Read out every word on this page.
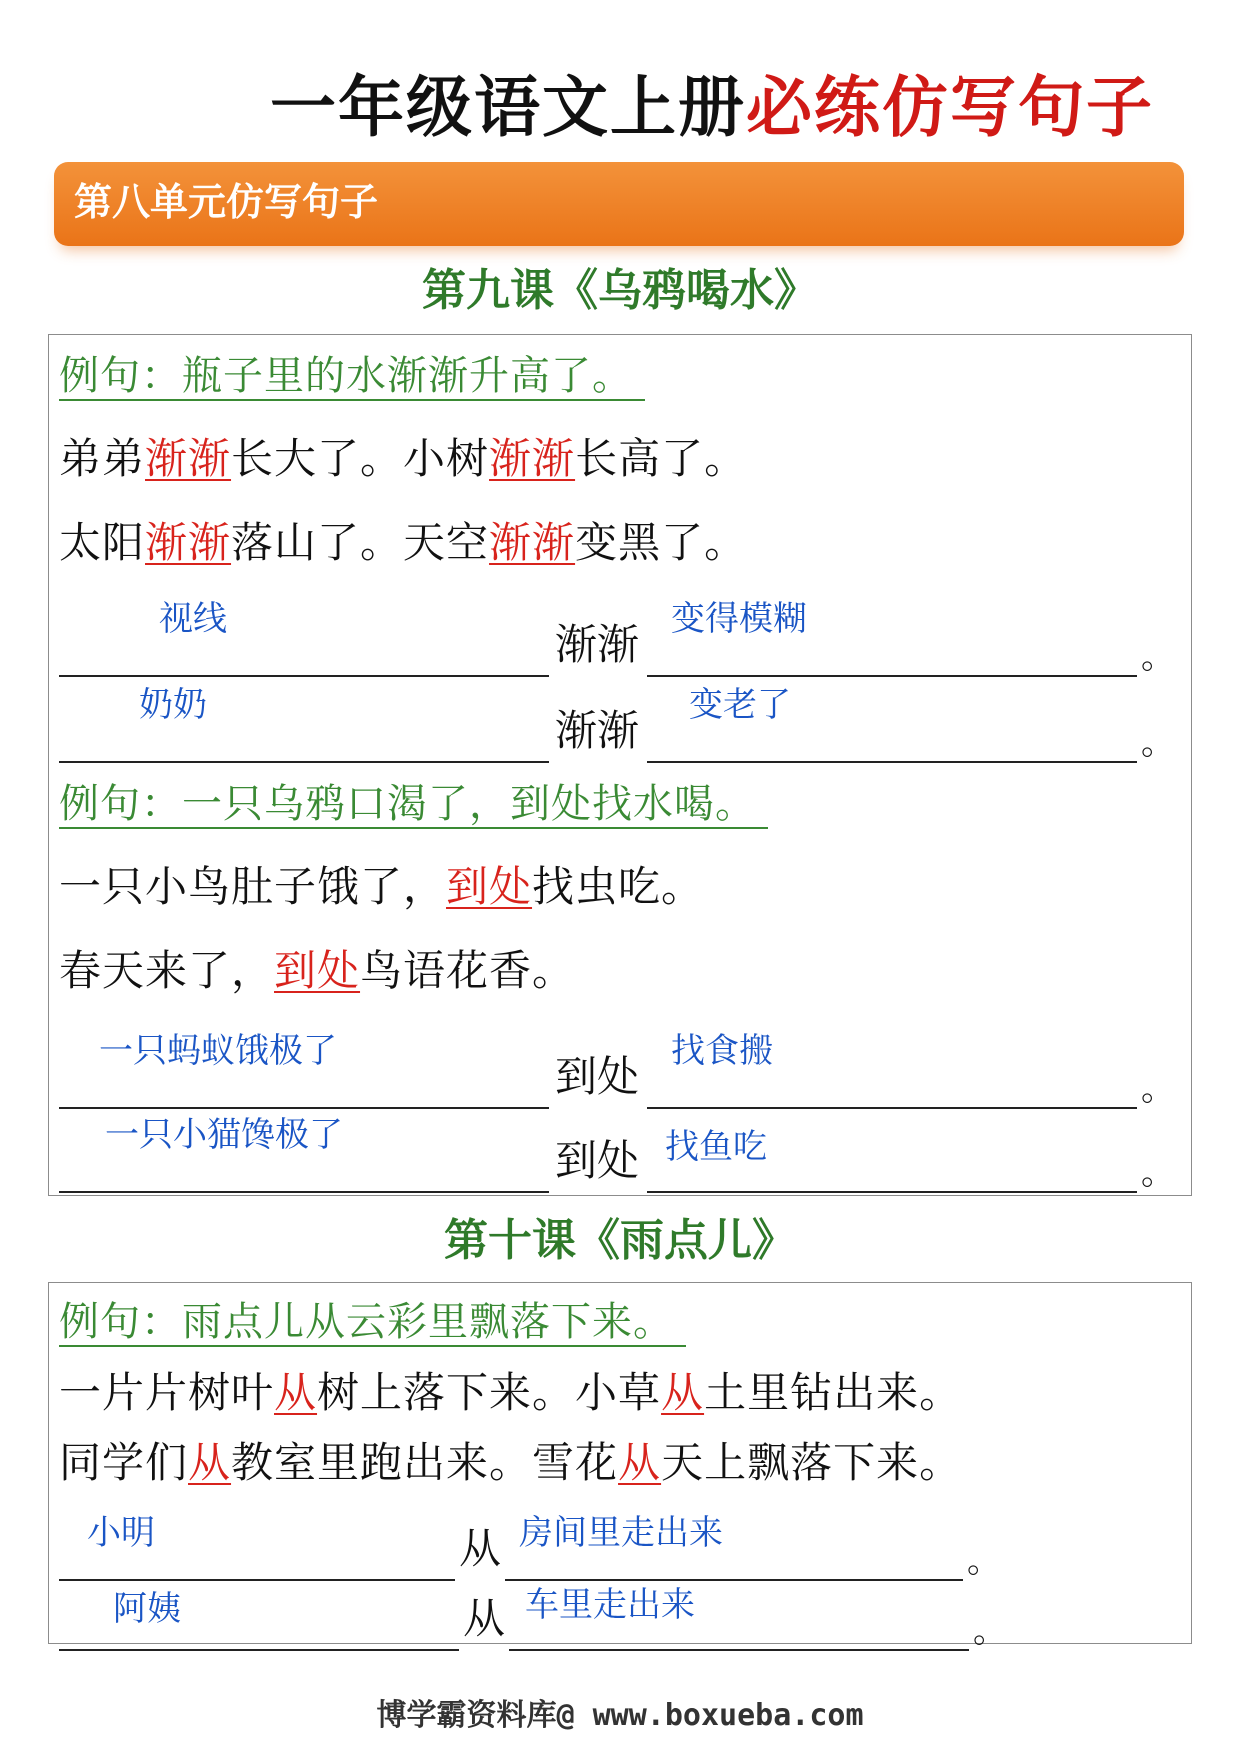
一年级语文上册必练仿写句子
第八单元仿写句子
第九课《乌鸦喝水》
例句：瓶子里的水渐渐升高了。
弟弟渐渐长大了。小树渐渐长高了。
太阳渐渐落山了。天空渐渐变黑了。
视线
渐渐
变得模糊
。
奶奶
渐渐
变老了
。
例句：一只乌鸦口渴了，到处找水喝。
一只小鸟肚子饿了，到处找虫吃。
春天来了，到处鸟语花香。
一只蚂蚁饿极了
到处
找食搬
。
一只小猫馋极了
到处 找鱼吃
。
第十课《雨点儿》
例句：雨点儿从云彩里飘落下来。
一片片树叶从树上落下来。小草从土里钻出来。
同学们从教室里跑出来。雪花从天上飘落下来。
小明	从 房间里走出来
。
阿姨	从 车里走出来
。
博学霸资料库@ www.boxueba.com
